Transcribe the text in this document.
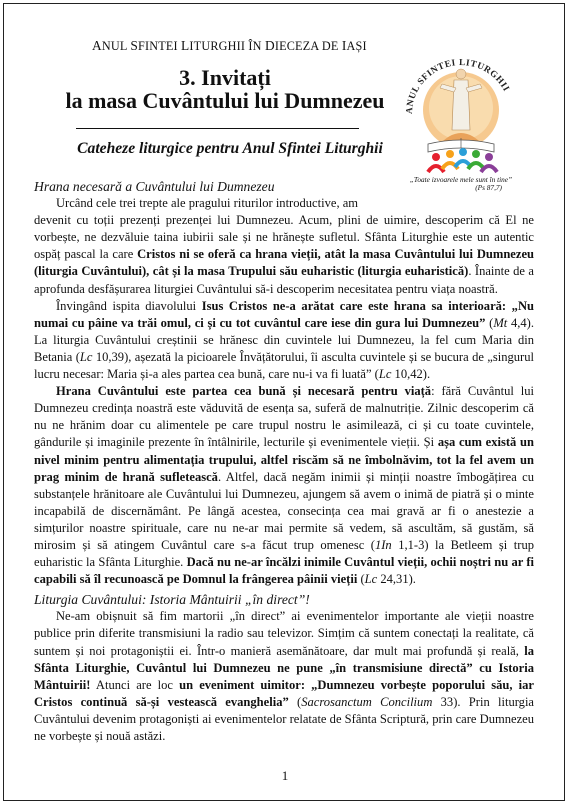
ANUL SFINTEI LITURGHII ÎN DIECEZA DE IAȘI
3. Invitați
la masa Cuvântului lui Dumnezeu
Cateheze liturgice pentru Anul Sfintei Liturghii
ANUL SFINTEI LITURGHII
„Toate izvoarele mele sunt în tine”
(Ps 87,7)

Hrana necesară a Cuvântului lui Dumnezeu

Urcând cele trei trepte ale pragului riturilor introductive, am

devenit cu toții prezenți prezenței lui Dumnezeu. Acum, plini de uimire, descoperim că El ne vorbește, ne dezvăluie taina iubirii sale și ne hrănește sufletul. Sfânta Liturghie este un autentic ospăț pascal la care Cristos ni se oferă ca hrana vieții, atât la masa Cuvântului lui Dumnezeu (liturgia Cuvântului), cât și la masa Trupului său euharistic (liturgia euharistică). Înainte de a aprofunda desfășurarea liturgiei Cuvântului să-i descoperim necesitatea pentru viața noastră.

Învingând ispita diavolului Isus Cristos ne-a arătat care este hrana sa interioară: „Nu numai cu pâine va trăi omul, ci și cu tot cuvântul care iese din gura lui Dumnezeu” (Mt 4,4). La liturgia Cuvântului creștinii se hrănesc din cuvintele lui Dumnezeu, la fel cum Maria din Betania (Lc 10,39), așezată la picioarele Învățătorului, îi asculta cuvintele și se bucura de „singurul lucru necesar: Maria și-a ales partea cea bună, care nu-i va fi luată” (Lc 10,42).

Hrana Cuvântului este partea cea bună și necesară pentru viață: fără Cuvântul lui Dumnezeu credința noastră este văduvită de esența sa, suferă de malnutriție. Zilnic descoperim că nu ne hrănim doar cu alimentele pe care trupul nostru le asimilează, ci și cu toate cuvintele, gândurile și imaginile prezente în întâlnirile, lecturile și evenimentele vieții. Și așa cum există un nivel minim pentru alimentația trupului, altfel riscăm să ne îmbolnăvim, tot la fel avem un prag minim de hrană sufletească. Altfel, dacă negăm inimii și minții noastre îmbogățirea cu substanțele hrănitoare ale Cuvântului lui Dumnezeu, ajungem să avem o inimă de piatră și o minte incapabilă de discernământ. Pe lângă acestea, consecința cea mai gravă ar fi o anestezie a simțurilor noastre spirituale, care nu ne-ar mai permite să vedem, să ascultăm, să gustăm, să mirosim și să atingem Cuvântul care s-a făcut trup omenesc (1In 1,1-3) la Betleem și trup euharistic la Sfânta Liturghie. Dacă nu ne-ar încălzi inimile Cuvântul vieții, ochii noștri nu ar fi capabili să îl recunoască pe Domnul la frângerea pâinii vieții (Lc 24,31).

Liturgia Cuvântului: Istoria Mântuirii „în direct”!

Ne-am obișnuit să fim martorii „în direct” ai evenimentelor importante ale vieții noastre publice prin diferite transmisiuni la radio sau televizor. Simțim că suntem conectați la realitate, că suntem și noi protagoniștii ei. Într-o manieră asemănătoare, dar mult mai profundă și reală, la Sfânta Liturghie, Cuvântul lui Dumnezeu ne pune „în transmisiune directă” cu Istoria Mântuirii! Atunci are loc un eveniment uimitor: „Dumnezeu vorbește poporului său, iar Cristos continuă să-și vestească evanghelia” (Sacrosanctum Concilium 33). Prin liturgia Cuvântului devenim protagoniști ai evenimentelor relatate de Sfânta Scriptură, prin care Dumnezeu ne vorbește și nouă astăzi.

1
